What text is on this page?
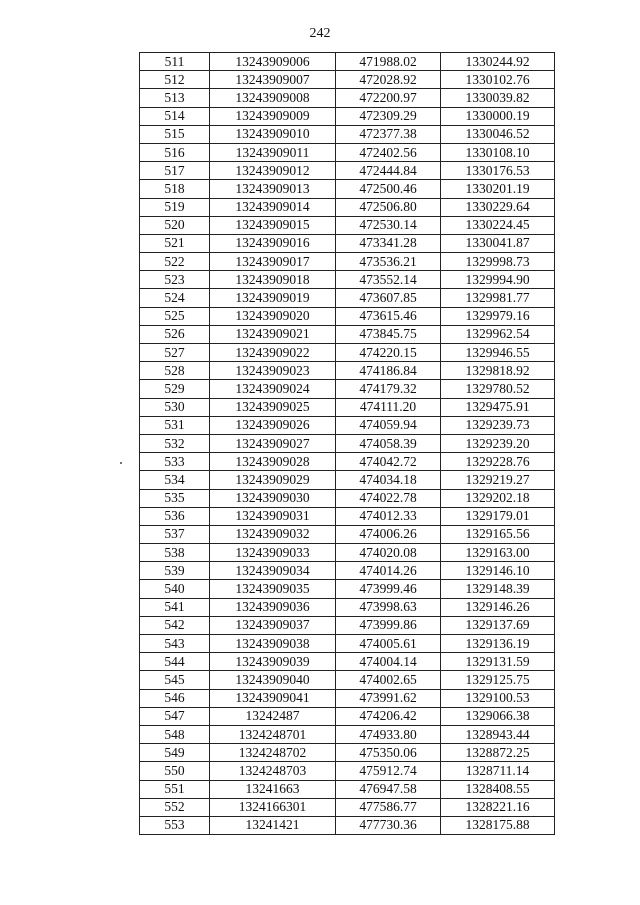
242
511	13243909006	471988.02	1330244.92
512	13243909007	472028.92	1330102.76
513	13243909008	472200.97	1330039.82
514	13243909009	472309.29	1330000.19
515	13243909010	472377.38	1330046.52
516	13243909011	472402.56	1330108.10
517	13243909012	472444.84	1330176.53
518	13243909013	472500.46	1330201.19
519	13243909014	472506.80	1330229.64
520	13243909015	472530.14	1330224.45
521	13243909016	473341.28	1330041.87
522	13243909017	473536.21	1329998.73
523	13243909018	473552.14	1329994.90
524	13243909019	473607.85	1329981.77
525	13243909020	473615.46	1329979.16
526	13243909021	473845.75	1329962.54
527	13243909022	474220.15	1329946.55
528	13243909023	474186.84	1329818.92
529	13243909024	474179.32	1329780.52
530	13243909025	474111.20	1329475.91
531	13243909026	474059.94	1329239.73
532	13243909027	474058.39	1329239.20
533	13243909028	474042.72	1329228.76
534	13243909029	474034.18	1329219.27
535	13243909030	474022.78	1329202.18
536	13243909031	474012.33	1329179.01
537	13243909032	474006.26	1329165.56
538	13243909033	474020.08	1329163.00
539	13243909034	474014.26	1329146.10
540	13243909035	473999.46	1329148.39
541	13243909036	473998.63	1329146.26
542	13243909037	473999.86	1329137.69
543	13243909038	474005.61	1329136.19
544	13243909039	474004.14	1329131.59
545	13243909040	474002.65	1329125.75
546	13243909041	473991.62	1329100.53
547	13242487	474206.42	1329066.38
548	1324248701	474933.80	1328943.44
549	1324248702	475350.06	1328872.25
550	1324248703	475912.74	1328711.14
551	13241663	476947.58	1328408.55
552	1324166301	477586.77	1328221.16
553	13241421	477730.36	1328175.88
